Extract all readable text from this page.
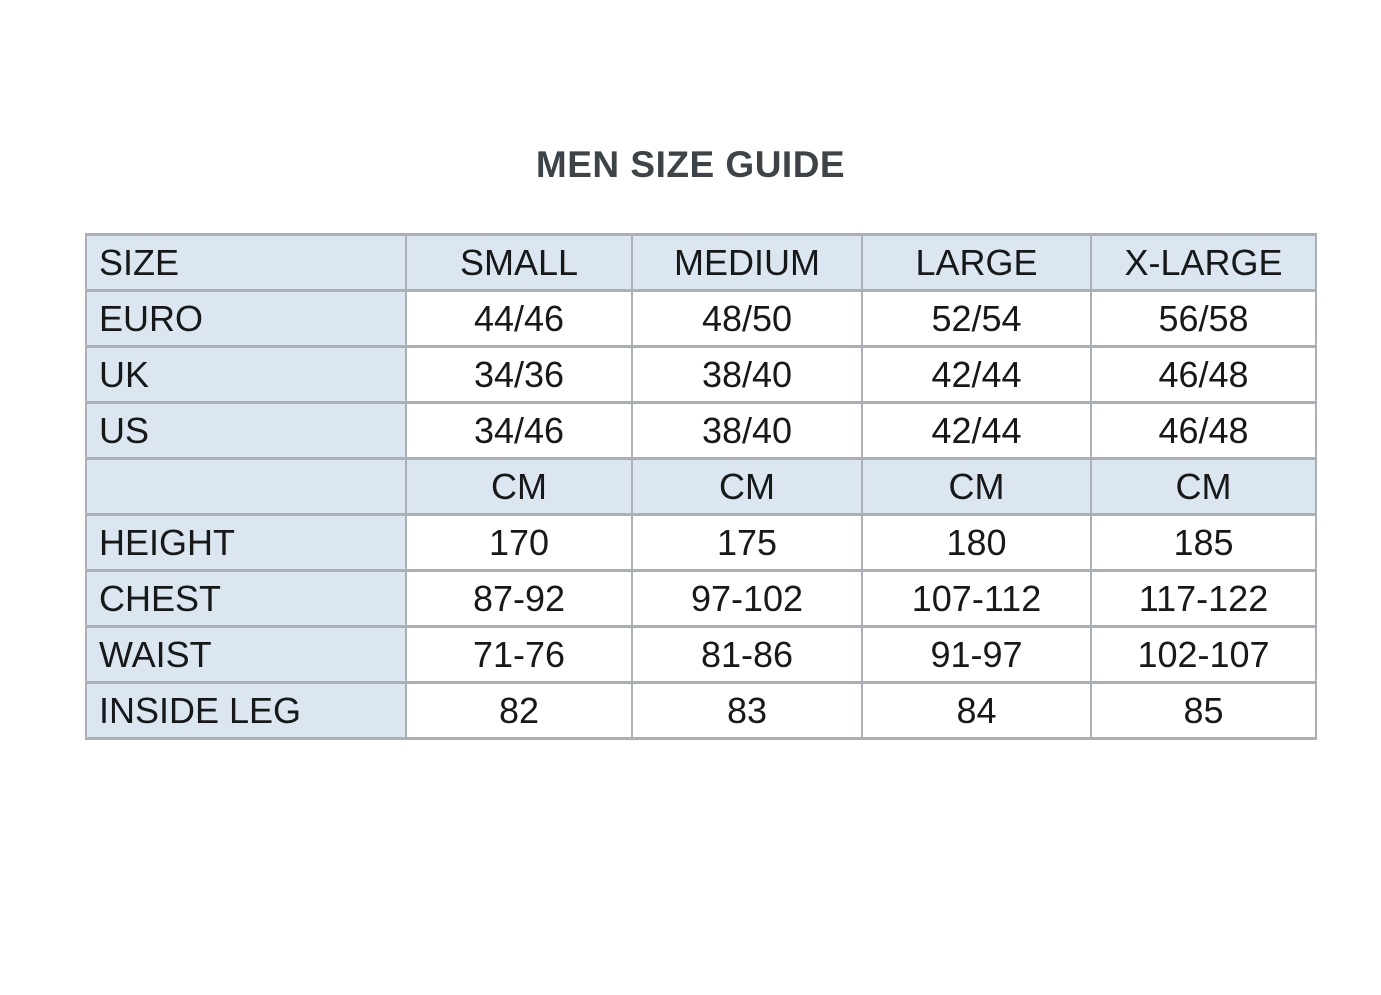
MEN SIZE GUIDE
SIZE	SMALL	MEDIUM	LARGE	X-LARGE
EURO	44/46	48/50	52/54	56/58
UK	34/36	38/40	42/44	46/48
US	34/46	38/40	42/44	46/48
	CM	CM	CM	CM
HEIGHT	170	175	180	185
CHEST	87-92	97-102	107-112	117-122
WAIST	71-76	81-86	91-97	102-107
INSIDE LEG	82	83	84	85
